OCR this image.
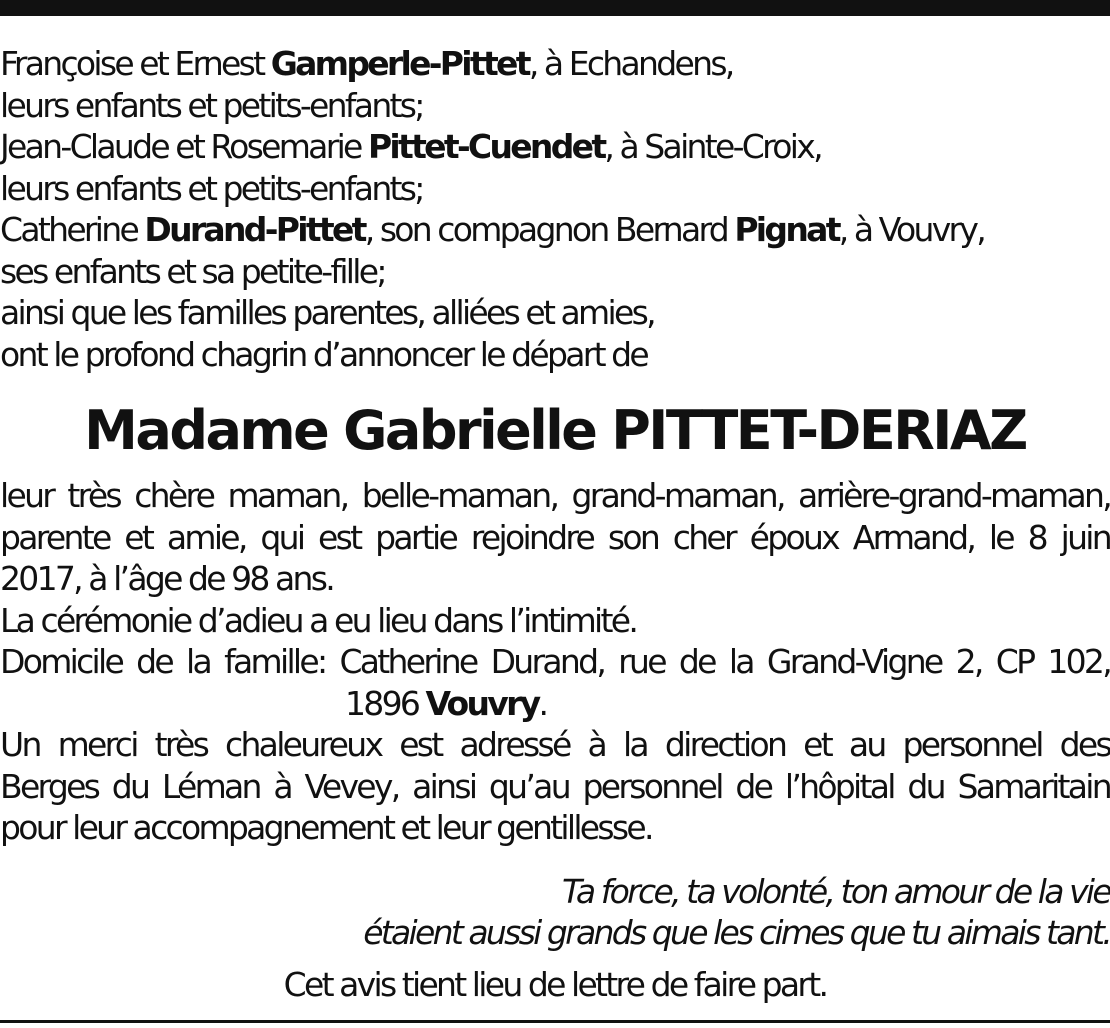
Françoise et Ernest Gamperle-Pittet, à Echandens,
leurs enfants et petits-enfants;
Jean-Claude et Rosemarie Pittet-Cuendet, à Sainte-Croix,
leurs enfants et petits-enfants;
Catherine Durand-Pittet, son compagnon Bernard Pignat, à Vouvry,
ses enfants et sa petite-fille;
ainsi que les familles parentes, alliées et amies,
ont le profond chagrin d’annoncer le départ de
Madame Gabrielle PITTET-DERIAZ
leur très chère maman, belle-maman, grand-maman, arrière-grand-maman,
parente et amie, qui est partie rejoindre son cher époux Armand, le 8 juin
2017, à l’âge de 98 ans.
La cérémonie d’adieu a eu lieu dans l’intimité.
Domicile de la famille: Catherine Durand, rue de la Grand-Vigne 2, CP 102,
1896 Vouvry.
Un merci très chaleureux est adressé à la direction et au personnel des
Berges du Léman à Vevey, ainsi qu’au personnel de l’hôpital du Samaritain
pour leur accompagnement et leur gentillesse.
Ta force, ta volonté, ton amour de la vie
étaient aussi grands que les cimes que tu aimais tant.
Cet avis tient lieu de lettre de faire part.
